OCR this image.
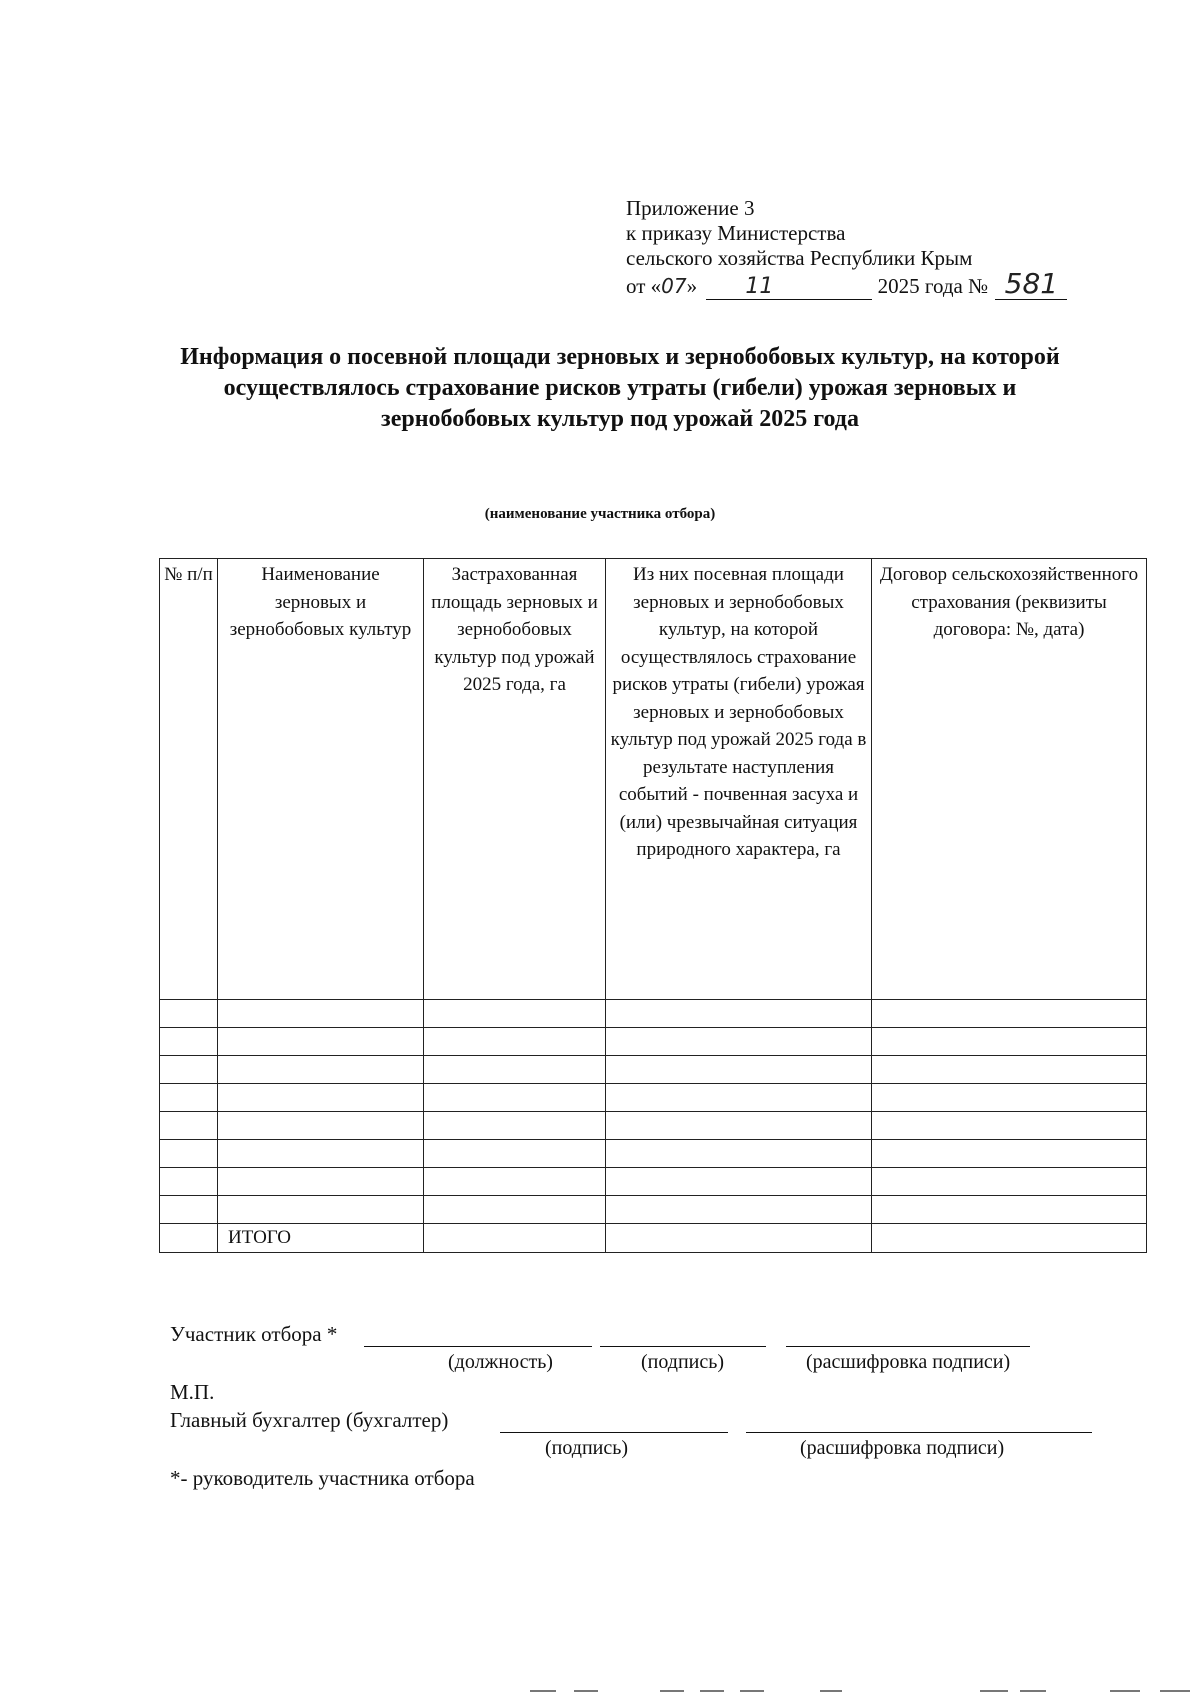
Приложение 3
к приказу Министерства
сельского хозяйства Республики Крым
от «07» 11	2025 года № 581
Информация о посевной площади зерновых и зернобобовых культур, на которой осуществлялось страхование рисков утраты (гибели) урожая зерновых и зернобобовых культур под урожай 2025 года
(наименование участника отбора)
№ п/п	Наименование зерновых и зернобобовых культур	Застрахованная площадь зерновых и зернобобовых культур под урожай 2025 года, га	Из них посевная площади зерновых и зернобобовых культур, на которой осуществлялось страхование рисков утраты (гибели) урожая зерновых и зернобобовых культур под урожай 2025 года в результате наступления событий - почвенная засуха и (или) чрезвычайная ситуация природного характера, га	Договор сельскохозяйственного страхования (реквизиты договора: №, дата)

	ИТОГО			
Участник отбора *
(должность)	(подпись)	(расшифровка подписи)
М.П.
Главный бухгалтер (бухгалтер)
(подпись)	(расшифровка подписи)
*- руководитель участника отбора
